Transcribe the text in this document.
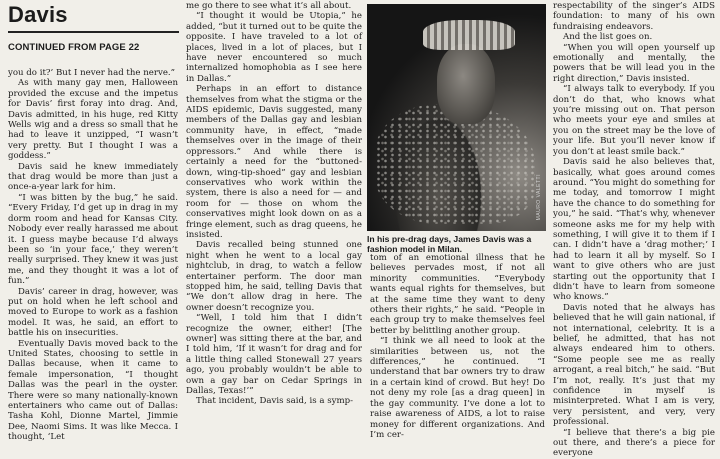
Davis
CONTINUED FROM PAGE 22

you do it?’ But I never had the nerve.”

As with many gay men, Halloween provided the excuse and the impetus for Davis’ first foray into drag. And, Davis admitted, in his huge, red Kitty Wells wig and a dress so small that he had to leave it unzipped, “I wasn’t very pretty. But I thought I was a goddess.”

Davis said he knew immediately that drag would be more than just a once-a-year lark for him.

“I was bitten by the bug,” he said. “Every Friday, I’d get up in drag in my dorm room and head for Kansas City. Nobody ever really harassed me about it. I guess maybe because I’d always been so ‘in your face,’ they weren’t really surprised. They knew it was just me, and they thought it was a lot of fun.”

Davis’ career in drag, however, was put on hold when he left school and moved to Europe to work as a fashion model. It was, he said, an effort to battle his on insecurities.

Eventually Davis moved back to the United States, choosing to settle in Dallas because, when it came to female impersonation, “I thought Dallas was the pearl in the oyster. There were so many nationally-known entertainers who came out of Dallas: Tasha Kohl, Dionne Martel, Jimmie Dee, Naomi Sims. It was like Mecca. I thought, ‘Let

me go there to see what it’s all about.

“I thought it would be Utopia,” he added, “but it turned out to be quite the opposite. I have traveled to a lot of places, lived in a lot of places, but I have never encountered so much internalized homophobia as I see here in Dallas.”

Perhaps in an effort to distance themselves from what the stigma or the AIDS epidemic, Davis suggested, many members of the Dallas gay and lesbian community have, in effect, “made themselves over in the image of their oppressors.” And while there is certainly a need for the “buttoned-down, wing-tip-shoed” gay and lesbian conservatives who work within the system, there is also a need for — and room for — those on whom the conservatives might look down on as a fringe element, such as drag queens, he insisted.

Davis recalled being stunned one night when he went to a local gay nightclub, in drag, to watch a fellow entertainer perform. The door man stopped him, he said, telling Davis that “We don’t allow drag in here. The owner doesn’t recognize you.

“Well, I told him that I didn’t recognize the owner, either! [The owner] was sitting there at the bar, and I told him, ‘If it wasn’t for drag and for a little thing called Stonewall 27 years ago, you probably wouldn’t be able to own a gay bar on Cedar Springs in Dallas, Texas!’”

That incident, Davis said, is a symp-

MAURO VALETTI
In his pre-drag days, James Davis was a fashion model in Milan.

tom of an emotional illness that he believes pervades most, if not all minority communities. “Everybody wants equal rights for themselves, but at the same time they want to deny others their rights,” he said. “People in each group try to make themselves feel better by belittling another group.

“I think we all need to look at the similarities between us, not the differences,” he continued. “I understand that bar owners try to draw in a certain kind of crowd. But hey! Do not deny my role [as a drag queen] in the gay community. I’ve done a lot to raise awareness of AIDS, a lot to raise money for different organizations. And I’m cer-

respectability of the singer’s AIDS foundation: to many of his own fundraising endeavors.

And the list goes on.

“When you will open yourself up emotionally and mentally, the powers that be will lead you in the right direction,” Davis insisted.

“I always talk to everybody. If you don’t do that, who knows what you’re missing out on. That person who meets your eye and smiles at you on the street may be the love of your life. But you’ll never know if you don’t at least smile back.”

Davis said he also believes that, basically, what goes around comes around. “You might do something for me today, and tomorrow I might have the chance to do something for you,” he said. “That’s why, whenever someone asks me for my help with something, I will give it to them if I can. I didn’t have a ‘drag mother;’ I had to learn it all by myself. So I want to give others who are just starting out the opportunity that I didn’t have to learn from someone who knows.”

Davis noted that he always has believed that he will gain national, if not international, celebrity. It is a belief, he admitted, that has not always endeared him to others. “Some people see me as really arrogant, a real bitch,” he said. “But I’m not, really. It’s just that my confidence in myself is misinterpreted. What I am is very, very persistent, and very, very professional.

“I believe that there’s a big pie out there, and there’s a piece for everyone
